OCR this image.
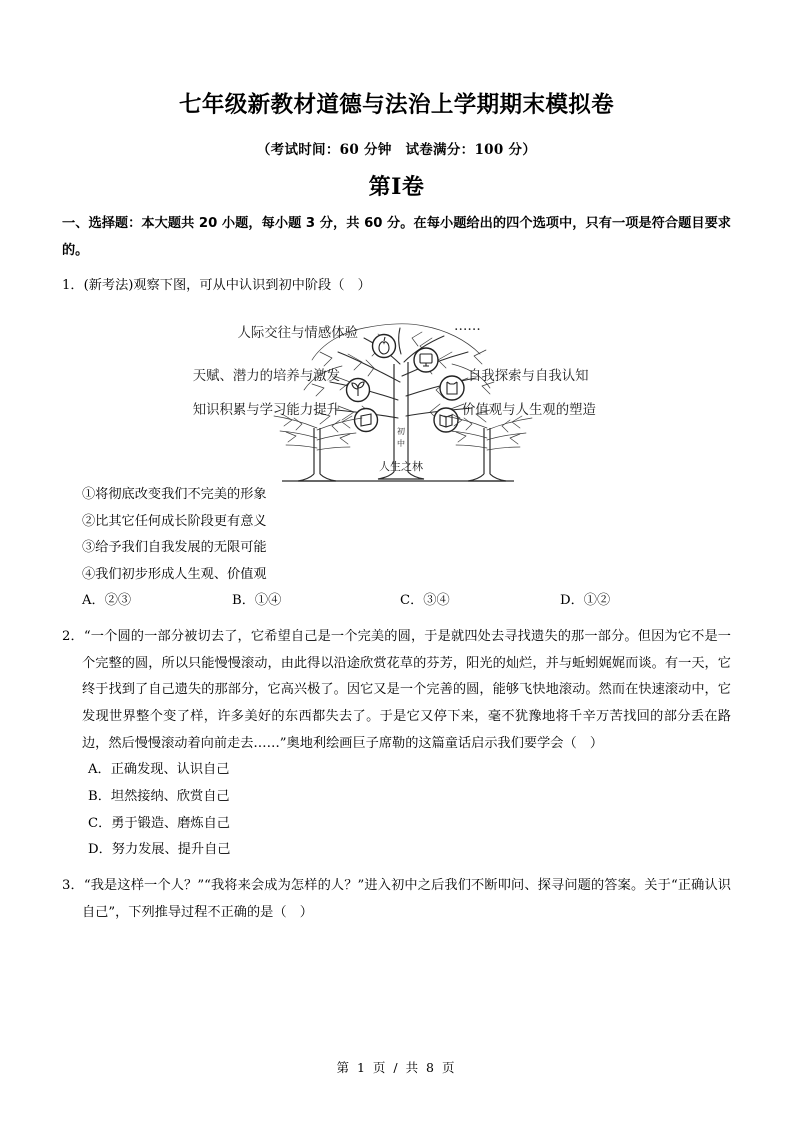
七年级新教材道德与法治上学期期末模拟卷

（考试时间：60 分钟　试卷满分：100 分）

第I卷

一、选择题：本大题共 20 小题，每小题 3 分，共 60 分。在每小题给出的四个选项中，只有一项是符合题目要求的。

1．(新考法)观察下图，可从中认识到初中阶段（　）

初
中
人生之林
人际交往与情感体验
天赋、潜力的培养与激发
知识积累与学习能力提升
自我探索与自我认知
价值观与人生观的塑造
……
①将彻底改变我们不完美的形象
②比其它任何成长阶段更有意义
③给予我们自我发展的无限可能
④我们初步形成人生观、价值观
A．②③	B．①④	C．③④	D．①②

2．“一个圆的一部分被切去了，它希望自己是一个完美的圆，于是就四处去寻找遗失的那一部分。但因为它不是一个完整的圆，所以只能慢慢滚动，由此得以沿途欣赏花草的芬芳，阳光的灿烂，并与蚯蚓娓娓而谈。有一天，它终于找到了自己遗失的那部分，它高兴极了。因它又是一个完善的圆，能够飞快地滚动。然而在快速滚动中，它发现世界整个变了样，许多美好的东西都失去了。于是它又停下来，毫不犹豫地将千辛万苦找回的部分丢在路边，然后慢慢滚动着向前走去……”奥地利绘画巨子席勒的这篇童话启示我们要学会（　）

A．正确发现、认识自己
B．坦然接纳、欣赏自己
C．勇于锻造、磨炼自己
D．努力发展、提升自己

3．“我是这样一个人？”“我将来会成为怎样的人？”进入初中之后我们不断叩问、探寻问题的答案。关于“正确认识自己”，下列推导过程不正确的是（　）

第 1 页 / 共 8 页
